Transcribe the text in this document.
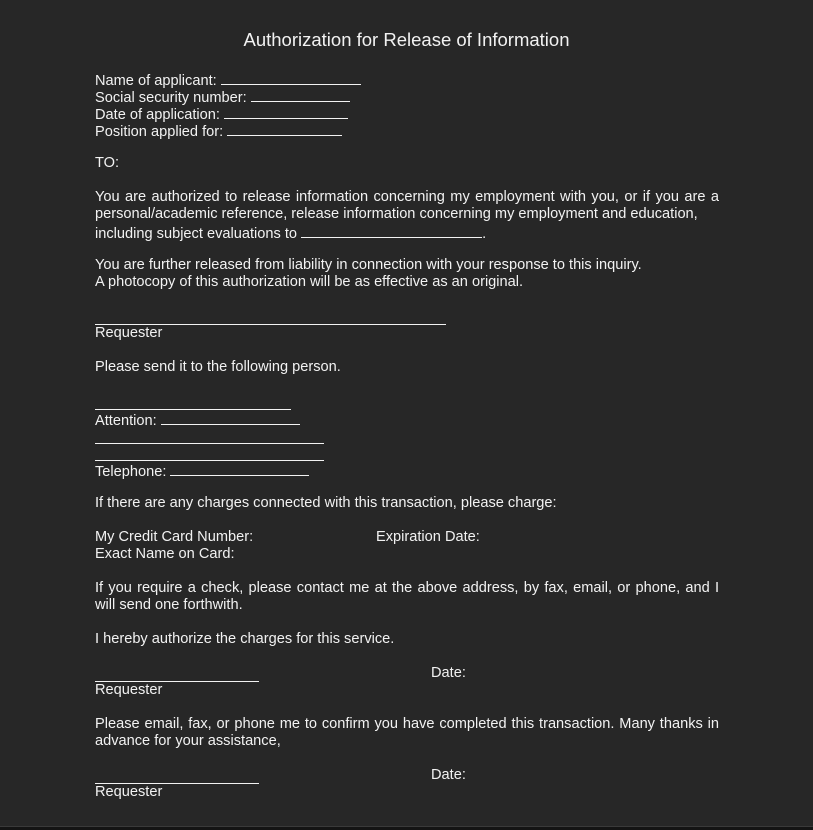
Authorization for Release of Information
Name of applicant:
Social security number:
Date of application:
Position applied for:
TO:
You are authorized to release information concerning my employment with you, or if you are a personal/academic reference, release information concerning my employment and education,
including subject evaluations to	.
You are further released from liability in connection with your response to this inquiry.
A photocopy of this authorization will be as effective as an original.
Requester
Please send it to the following person.
Attention:
Telephone:
If there are any charges connected with this transaction, please charge:
My Credit Card Number:	Expiration Date:
Exact Name on Card:
If you require a check, please contact me at the above address, by fax, email, or phone, and I will send one forthwith.
I hereby authorize the charges for this service.
Date:
Requester
Please email, fax, or phone me to confirm you have completed this transaction. Many thanks in advance for your assistance,
Date:
Requester
